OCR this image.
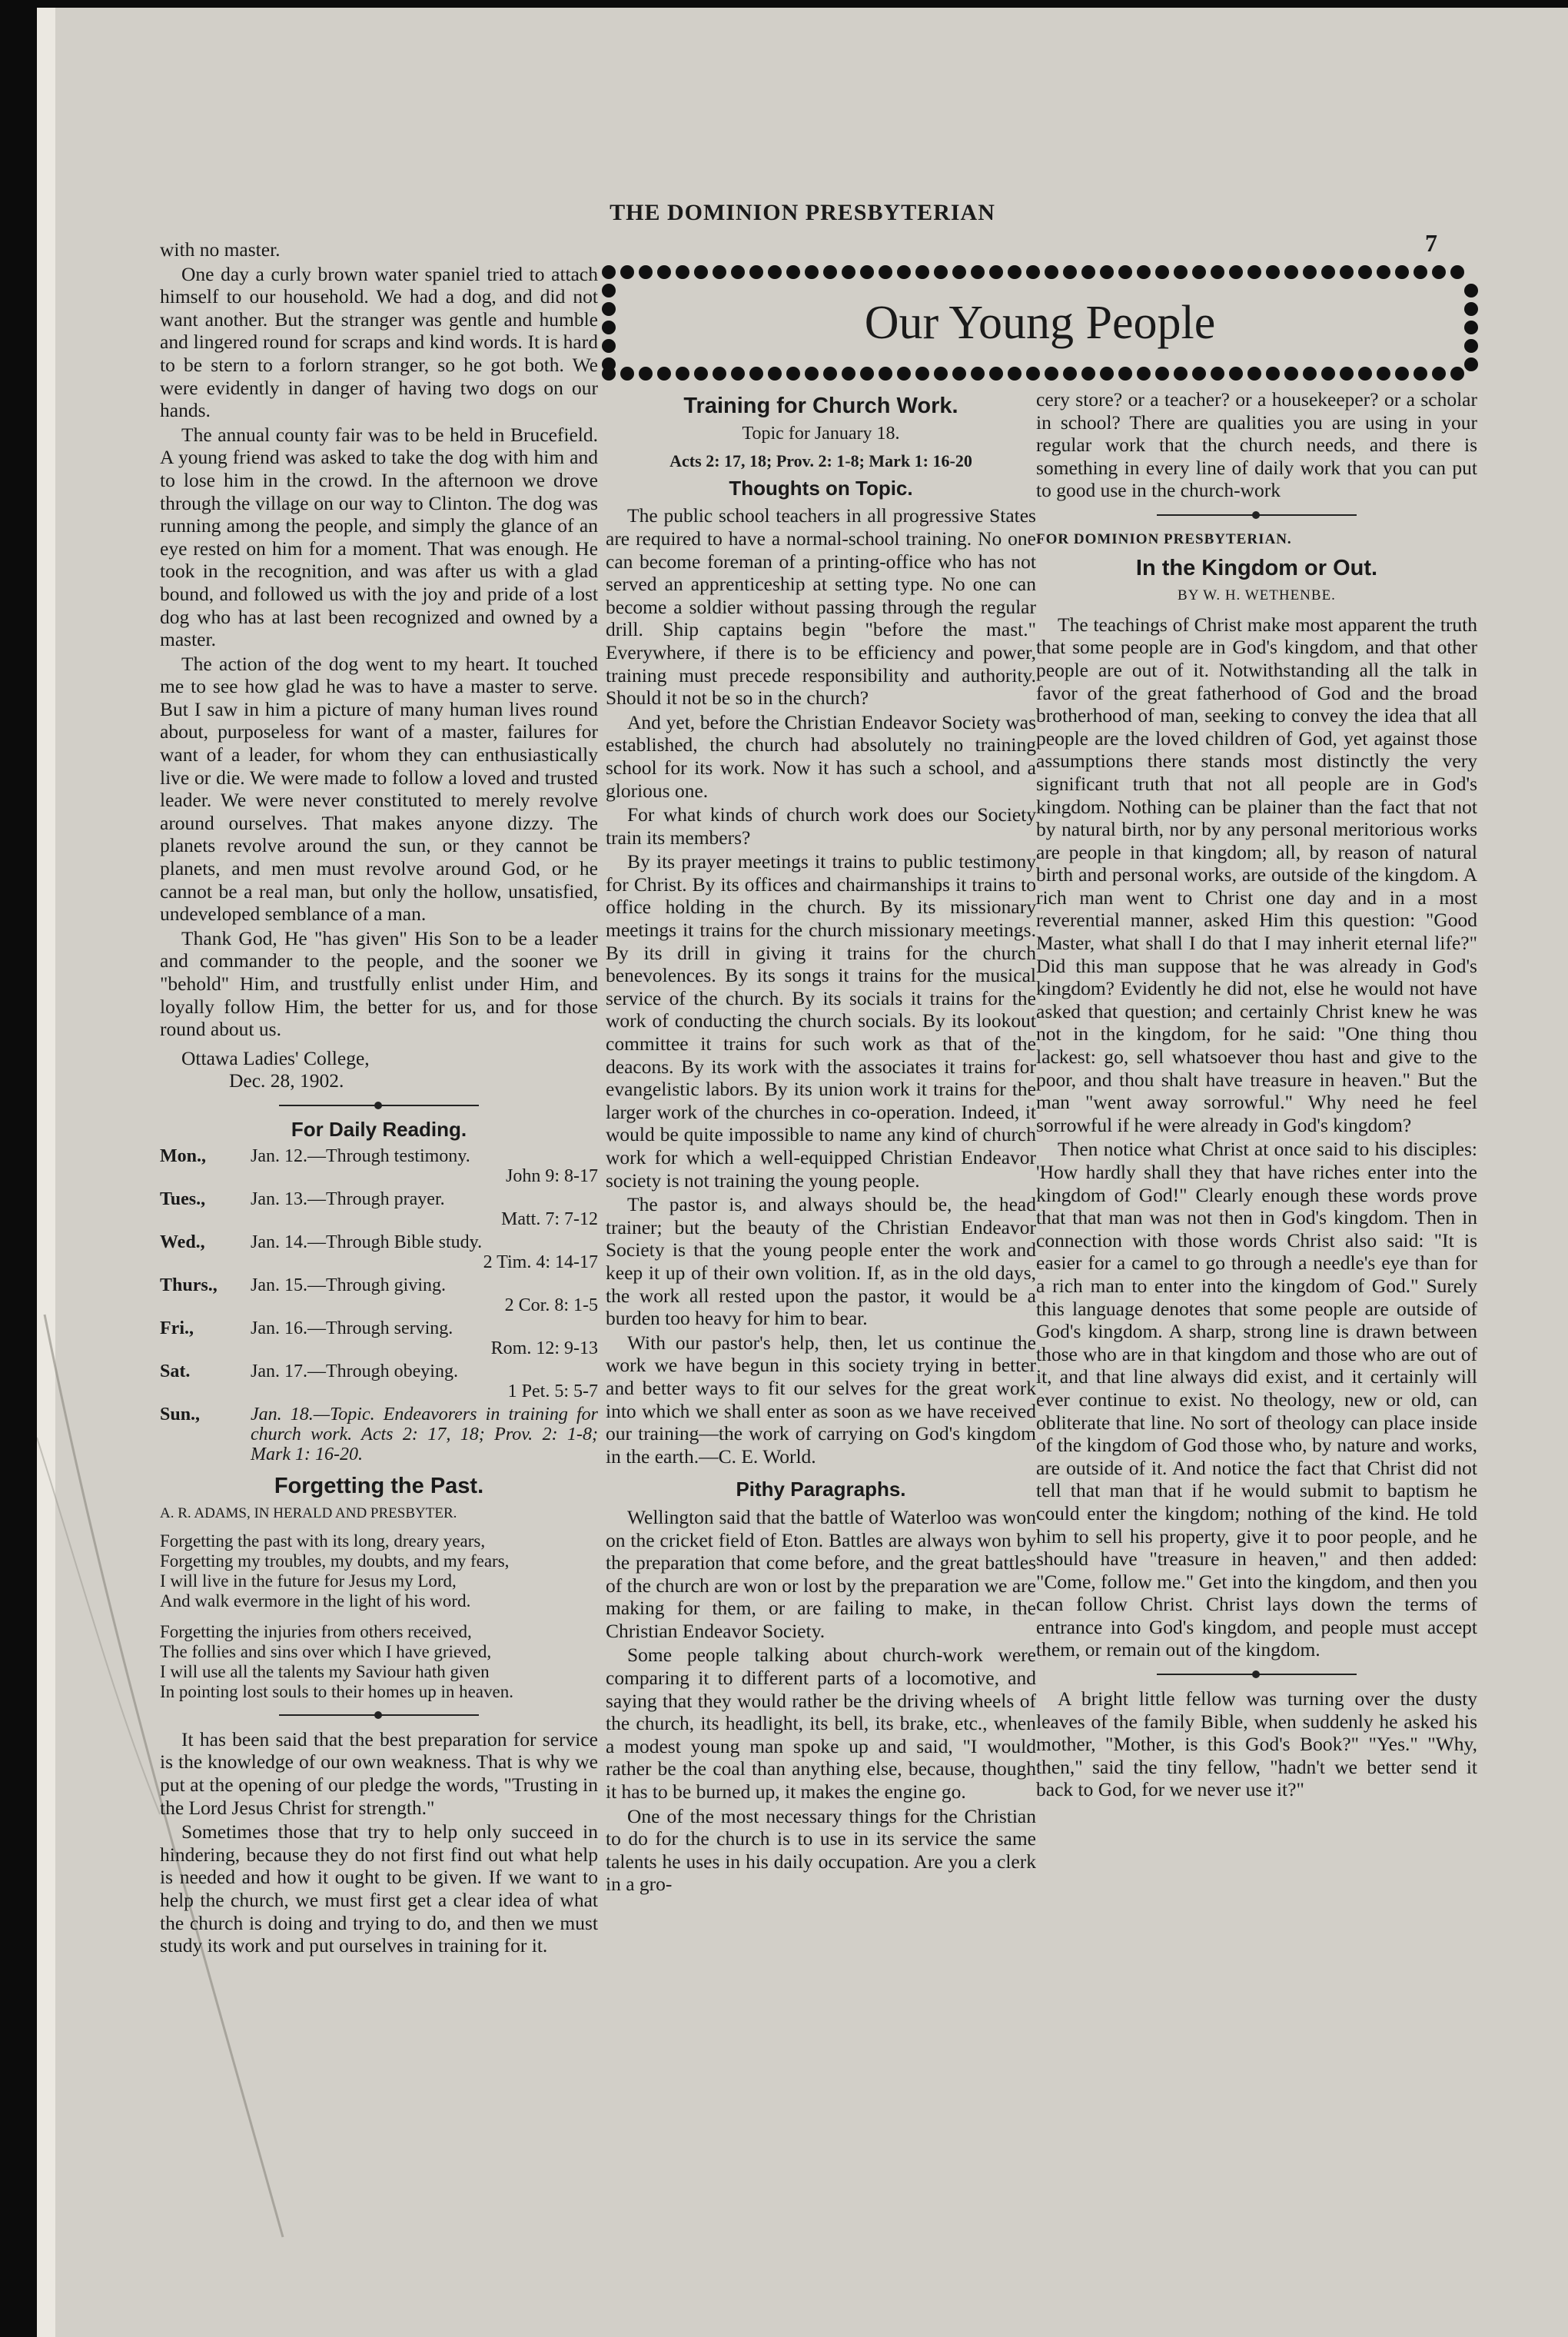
THE DOMINION PRESBYTERIAN
7

with no master.

One day a curly brown water spaniel tried to attach himself to our household. We had a dog, and did not want another. But the stranger was gentle and humble and lingered round for scraps and kind words. It is hard to be stern to a forlorn stranger, so he got both. We were evidently in danger of having two dogs on our hands.

The annual county fair was to be held in Brucefield. A young friend was asked to take the dog with him and to lose him in the crowd. In the afternoon we drove through the village on our way to Clinton. The dog was running among the people, and simply the glance of an eye rested on him for a moment. That was enough. He took in the recognition, and was after us with a glad bound, and followed us with the joy and pride of a lost dog who has at last been recognized and owned by a master.

The action of the dog went to my heart. It touched me to see how glad he was to have a master to serve. But I saw in him a picture of many human lives round about, purposeless for want of a master, failures for want of a leader, for whom they can enthusiastically live or die. We were made to follow a loved and trusted leader. We were never constituted to merely revolve around ourselves. That makes anyone dizzy. The planets revolve around the sun, or they cannot be planets, and men must revolve around God, or he cannot be a real man, but only the hollow, unsatisfied, undeveloped semblance of a man.

Thank God, He "has given" His Son to be a leader and commander to the people, and the sooner we "behold" Him, and trustfully enlist under Him, and loyally follow Him, the better for us, and for those round about us.

Ottawa Ladies' College,
Dec. 28, 1902.
For Daily Reading.
Mon.,	Jan. 12.—Through testimony.
John 9: 8-17
Tues.,	Jan. 13.—Through prayer.
Matt. 7: 7-12
Wed.,	Jan. 14.—Through Bible study.
2 Tim. 4: 14-17
Thurs.,	Jan. 15.—Through giving.
2 Cor. 8: 1-5
Fri.,	Jan. 16.—Through serving.
Rom. 12: 9-13
Sat.	Jan. 17.—Through obeying.
1 Pet. 5: 5-7
Sun.,	Jan. 18.—Topic. Endeavorers in training for church work. Acts 2: 17, 18; Prov. 2: 1-8; Mark 1: 16-20.
Forgetting the Past.
A. R. ADAMS, IN HERALD AND PRESBYTER.
Forgetting the past with its long, dreary years,
Forgetting my troubles, my doubts, and my fears,
I will live in the future for Jesus my Lord,
And walk evermore in the light of his word.
Forgetting the injuries from others received,
The follies and sins over which I have grieved,
I will use all the talents my Saviour hath given
In pointing lost souls to their homes up in heaven.

It has been said that the best preparation for service is the knowledge of our own weakness. That is why we put at the opening of our pledge the words, "Trusting in the Lord Jesus Christ for strength."

Sometimes those that try to help only succeed in hindering, because they do not first find out what help is needed and how it ought to be given. If we want to help the church, we must first get a clear idea of what the church is doing and trying to do, and then we must study its work and put ourselves in training for it.

Our Young People
Training for Church Work.
Topic for January 18.
Acts 2: 17, 18; Prov. 2: 1-8; Mark 1: 16-20
Thoughts on Topic.

The public school teachers in all progressive States are required to have a normal-school training. No one can become foreman of a printing-office who has not served an apprenticeship at setting type. No one can become a soldier without passing through the regular drill. Ship captains begin "before the mast." Everywhere, if there is to be efficiency and power, training must precede responsibility and authority. Should it not be so in the church?

And yet, before the Christian Endeavor Society was established, the church had absolutely no training school for its work. Now it has such a school, and a glorious one.

For what kinds of church work does our Society train its members?

By its prayer meetings it trains to public testimony for Christ. By its offices and chairmanships it trains to office holding in the church. By its missionary meetings it trains for the church missionary meetings. By its drill in giving it trains for the church benevolences. By its songs it trains for the musical service of the church. By its socials it trains for the work of conducting the church socials. By its lookout committee it trains for such work as that of the deacons. By its work with the associates it trains for evangelistic labors. By its union work it trains for the larger work of the churches in co-operation. Indeed, it would be quite impossible to name any kind of church work for which a well-equipped Christian Endeavor society is not training the young people.

The pastor is, and always should be, the head trainer; but the beauty of the Christian Endeavor Society is that the young people enter the work and keep it up of their own volition. If, as in the old days, the work all rested upon the pastor, it would be a burden too heavy for him to bear.

With our pastor's help, then, let us continue the work we have begun in this society trying in better and better ways to fit our selves for the great work into which we shall enter as soon as we have received our training—the work of carrying on God's kingdom in the earth.—C. E. World.

Pithy Paragraphs.

Wellington said that the battle of Waterloo was won on the cricket field of Eton. Battles are always won by the preparation that come before, and the great battles of the church are won or lost by the preparation we are making for them, or are failing to make, in the Christian Endeavor Society.

Some people talking about church-work were comparing it to different parts of a locomotive, and saying that they would rather be the driving wheels of the church, its headlight, its bell, its brake, etc., when a modest young man spoke up and said, "I would rather be the coal than anything else, because, though it has to be burned up, it makes the engine go.

One of the most necessary things for the Christian to do for the church is to use in its service the same talents he uses in his daily occupation. Are you a clerk in a gro-

cery store? or a teacher? or a housekeeper? or a scholar in school? There are qualities you are using in your regular work that the church needs, and there is something in every line of daily work that you can put to good use in the church-work

FOR DOMINION PRESBYTERIAN.
In the Kingdom or Out.
BY W. H. WETHENBE.

The teachings of Christ make most apparent the truth that some people are in God's kingdom, and that other people are out of it. Notwithstanding all the talk in favor of the great fatherhood of God and the broad brotherhood of man, seeking to convey the idea that all people are the loved children of God, yet against those assumptions there stands most distinctly the very significant truth that not all people are in God's kingdom. Nothing can be plainer than the fact that not by natural birth, nor by any personal meritorious works are people in that kingdom; all, by reason of natural birth and personal works, are outside of the kingdom. A rich man went to Christ one day and in a most reverential manner, asked Him this question: "Good Master, what shall I do that I may inherit eternal life?" Did this man suppose that he was already in God's kingdom? Evidently he did not, else he would not have asked that question; and certainly Christ knew he was not in the kingdom, for he said: "One thing thou lackest: go, sell whatsoever thou hast and give to the poor, and thou shalt have treasure in heaven." But the man "went away sorrowful." Why need he feel sorrowful if he were already in God's kingdom?

Then notice what Christ at once said to his disciples: 'How hardly shall they that have riches enter into the kingdom of God!" Clearly enough these words prove that that man was not then in God's kingdom. Then in connection with those words Christ also said: "It is easier for a camel to go through a needle's eye than for a rich man to enter into the kingdom of God." Surely this language denotes that some people are outside of God's kingdom. A sharp, strong line is drawn between those who are in that kingdom and those who are out of it, and that line always did exist, and it certainly will ever continue to exist. No theology, new or old, can obliterate that line. No sort of theology can place inside of the kingdom of God those who, by nature and works, are outside of it. And notice the fact that Christ did not tell that man that if he would submit to baptism he could enter the kingdom; nothing of the kind. He told him to sell his property, give it to poor people, and he should have "treasure in heaven," and then added: "Come, follow me." Get into the kingdom, and then you can follow Christ. Christ lays down the terms of entrance into God's kingdom, and people must accept them, or remain out of the kingdom.

A bright little fellow was turning over the dusty leaves of the family Bible, when suddenly he asked his mother, "Mother, is this God's Book?" "Yes." "Why, then," said the tiny fellow, "hadn't we better send it back to God, for we never use it?"
